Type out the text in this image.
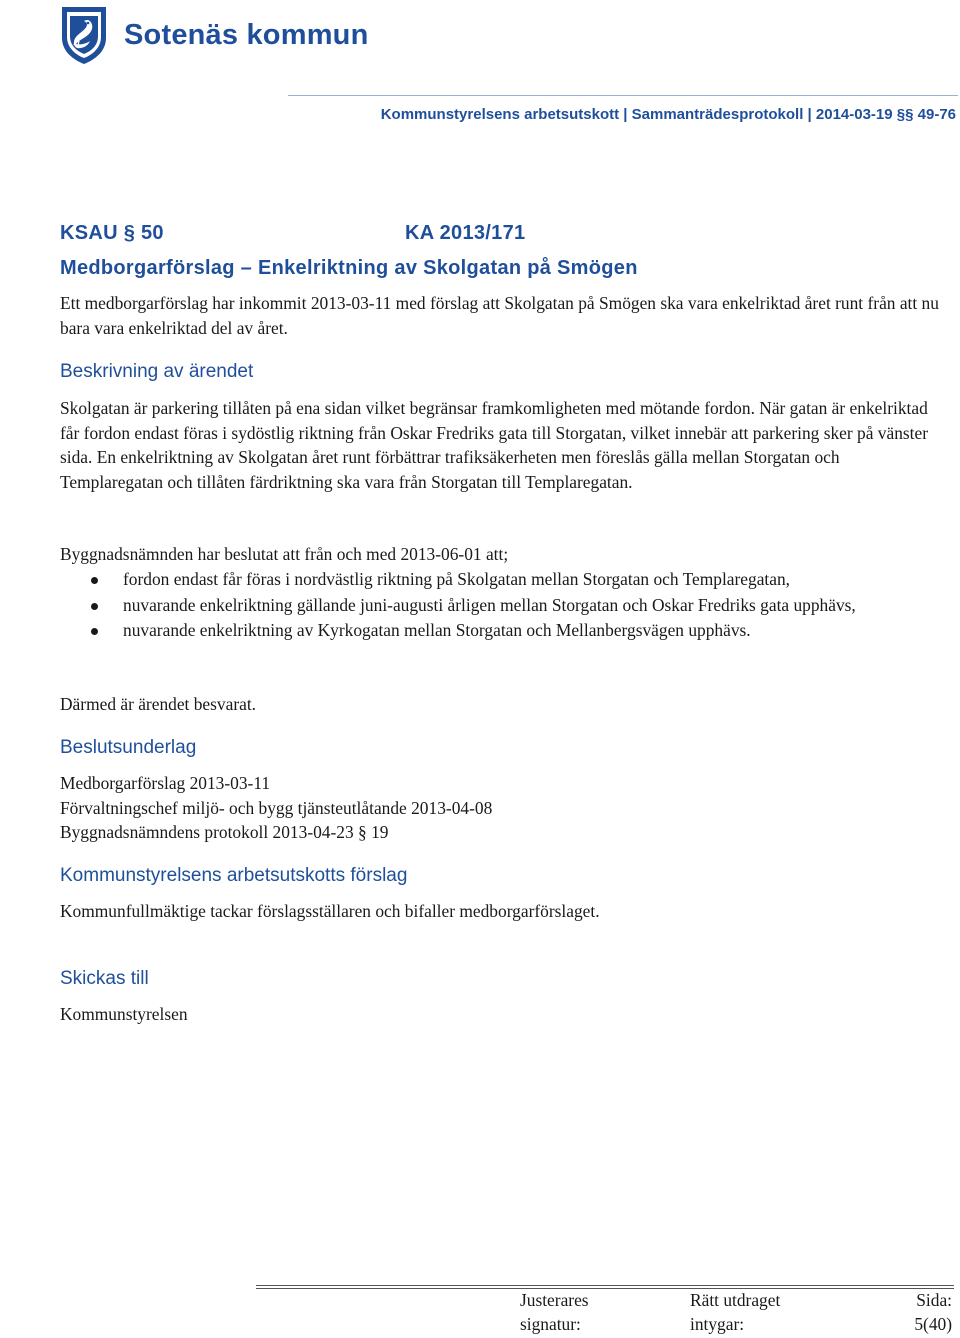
Sotenäs kommun
Kommunstyrelsens arbetsutskott | Sammanträdesprotokoll | 2014-03-19 §§ 49-76
KSAU § 50	KA 2013/171
Medborgarförslag – Enkelriktning av Skolgatan på Smögen
Ett medborgarförslag har inkommit 2013-03-11 med förslag att Skolgatan på Smögen ska vara enkelriktad året runt från att nu bara vara enkelriktad del av året.
Beskrivning av ärendet
Skolgatan är parkering tillåten på ena sidan vilket begränsar framkomligheten med mötande fordon. När gatan är enkelriktad får fordon endast föras i sydöstlig riktning från Oskar Fredriks gata till Storgatan, vilket innebär att parkering sker på vänster sida. En enkelriktning av Skolgatan året runt förbättrar trafiksäkerheten men föreslås gälla mellan Storgatan och Templaregatan och tillåten färdriktning ska vara från Storgatan till Templaregatan.
Byggnadsnämnden har beslutat att från och med 2013-06-01 att;
fordon endast får föras i nordvästlig riktning på Skolgatan mellan Storgatan och Templaregatan,
nuvarande enkelriktning gällande juni-augusti årligen mellan Storgatan och Oskar Fredriks gata upphävs,
nuvarande enkelriktning av Kyrkogatan mellan Storgatan och Mellanbergsvägen upphävs.
Därmed är ärendet besvarat.
Beslutsunderlag
Medborgarförslag 2013-03-11
Förvaltningschef miljö- och bygg tjänsteutlåtande 2013-04-08
Byggnadsnämndens protokoll 2013-04-23 § 19
Kommunstyrelsens arbetsutskotts förslag
Kommunfullmäktige tackar förslagsställaren och bifaller medborgarförslaget.
Skickas till
Kommunstyrelsen
Justerares
signatur:
Rätt utdraget
intygar:
Sida:
5(40)
